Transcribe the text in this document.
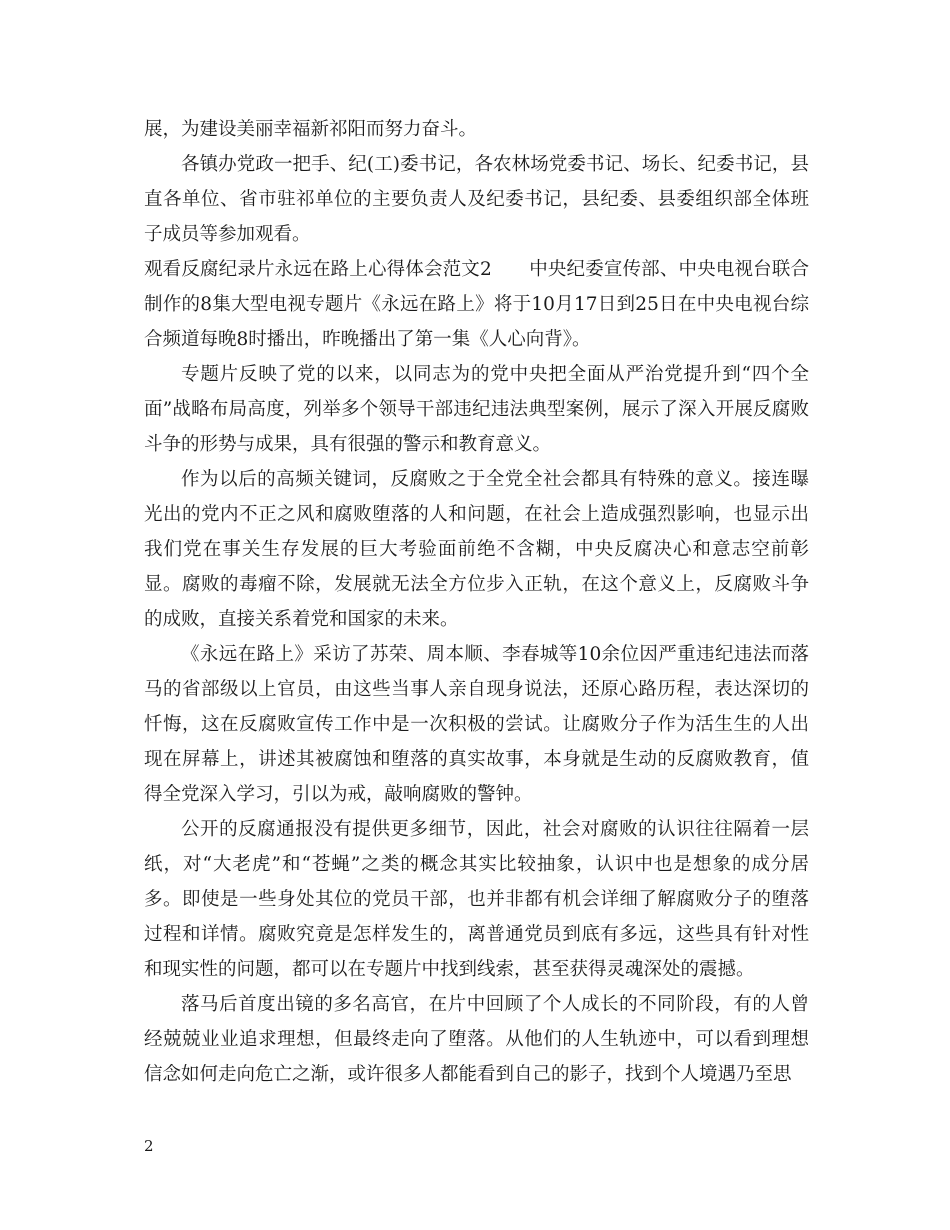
展，为建设美丽幸福新祁阳而努力奋斗。

各镇办党政一把手、纪(工)委书记，各农林场党委书记、场长、纪委书记，县直各单位、省市驻祁单位的主要负责人及纪委书记，县纪委、县委组织部全体班子成员等参加观看。

观看反腐纪录片永远在路上心得体会范文2　　中央纪委宣传部、中央电视台联合制作的8集大型电视专题片《永远在路上》将于10月17日到25日在中央电视台综合频道每晚8时播出，昨晚播出了第一集《人心向背》。

专题片反映了党的以来，以同志为的党中央把全面从严治党提升到“四个全面”战略布局高度，列举多个领导干部违纪违法典型案例，展示了深入开展反腐败斗争的形势与成果，具有很强的警示和教育意义。

作为以后的高频关键词，反腐败之于全党全社会都具有特殊的意义。接连曝光出的党内不正之风和腐败堕落的人和问题，在社会上造成强烈影响，也显示出我们党在事关生存发展的巨大考验面前绝不含糊，中央反腐决心和意志空前彰显。腐败的毒瘤不除，发展就无法全方位步入正轨，在这个意义上，反腐败斗争的成败，直接关系着党和国家的未来。

《永远在路上》采访了苏荣、周本顺、李春城等10余位因严重违纪违法而落马的省部级以上官员，由这些当事人亲自现身说法，还原心路历程，表达深切的忏悔，这在反腐败宣传工作中是一次积极的尝试。让腐败分子作为活生生的人出现在屏幕上，讲述其被腐蚀和堕落的真实故事，本身就是生动的反腐败教育，值得全党深入学习，引以为戒，敲响腐败的警钟。

公开的反腐通报没有提供更多细节，因此，社会对腐败的认识往往隔着一层纸，对“大老虎”和“苍蝇”之类的概念其实比较抽象，认识中也是想象的成分居多。即使是一些身处其位的党员干部，也并非都有机会详细了解腐败分子的堕落过程和详情。腐败究竟是怎样发生的，离普通党员到底有多远，这些具有针对性和现实性的问题，都可以在专题片中找到线索，甚至获得灵魂深处的震撼。

落马后首度出镜的多名高官，在片中回顾了个人成长的不同阶段，有的人曾经兢兢业业追求理想，但最终走向了堕落。从他们的人生轨迹中，可以看到理想信念如何走向危亡之渐，或许很多人都能看到自己的影子，找到个人境遇乃至思

2
